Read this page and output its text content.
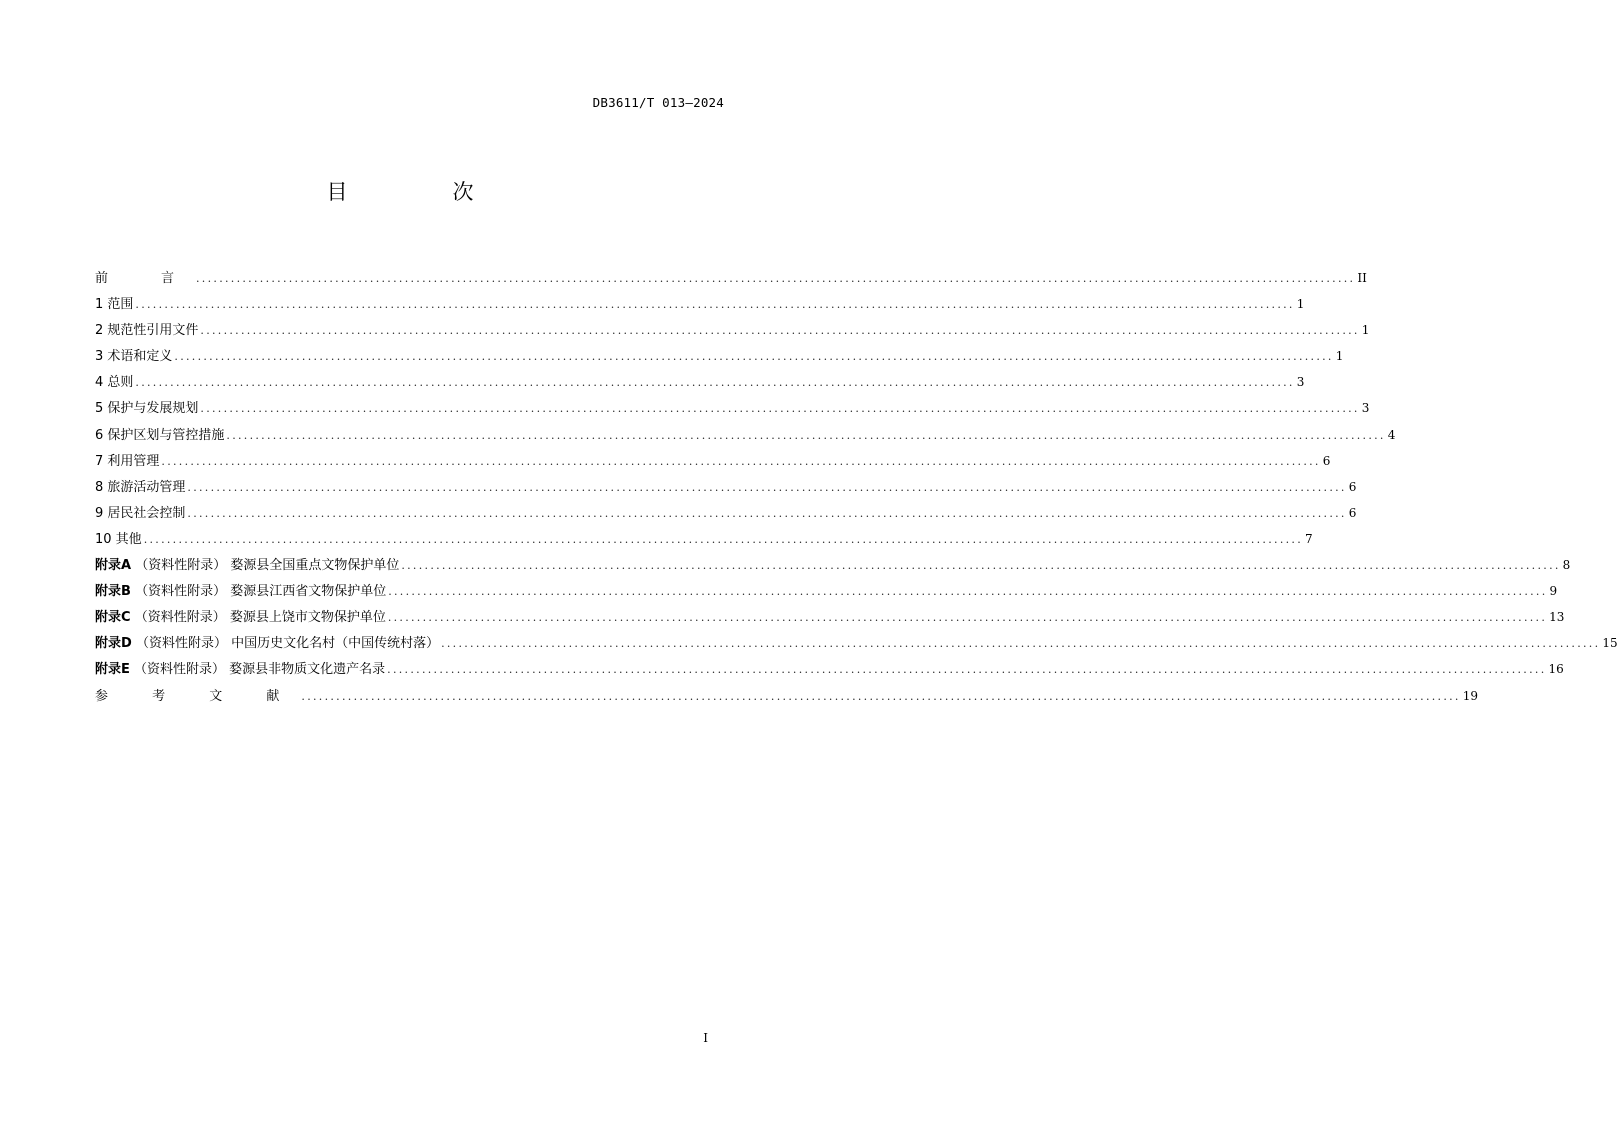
DB3611/T 013—2024
目　次
前　言 ........................................................................................................................................................................................................ II
1 范围 ........................................................................................................................................................................................................ 1
2 规范性引用文件 ........................................................................................................................................................................................................ 1
3 术语和定义 ........................................................................................................................................................................................................ 1
4 总则 ........................................................................................................................................................................................................ 3
5 保护与发展规划 ........................................................................................................................................................................................................ 3
6 保护区划与管控措施 ........................................................................................................................................................................................................ 4
7 利用管理 ........................................................................................................................................................................................................ 6
8 旅游活动管理 ........................................................................................................................................................................................................ 6
9 居民社会控制 ........................................................................................................................................................................................................ 6
10 其他 ........................................................................................................................................................................................................ 7
附录A （资料性附录） 婺源县全国重点文物保护单位 ........................................................................................................................................................................................................ 8
附录B （资料性附录） 婺源县江西省文物保护单位 ........................................................................................................................................................................................................ 9
附录C （资料性附录） 婺源县上饶市文物保护单位 ........................................................................................................................................................................................................ 13
附录D （资料性附录） 中国历史文化名村（中国传统村落） ........................................................................................................................................................................................................ 15
附录E （资料性附录） 婺源县非物质文化遗产名录 ........................................................................................................................................................................................................ 16
参 考 文 献 ........................................................................................................................................................................................................ 19
I
